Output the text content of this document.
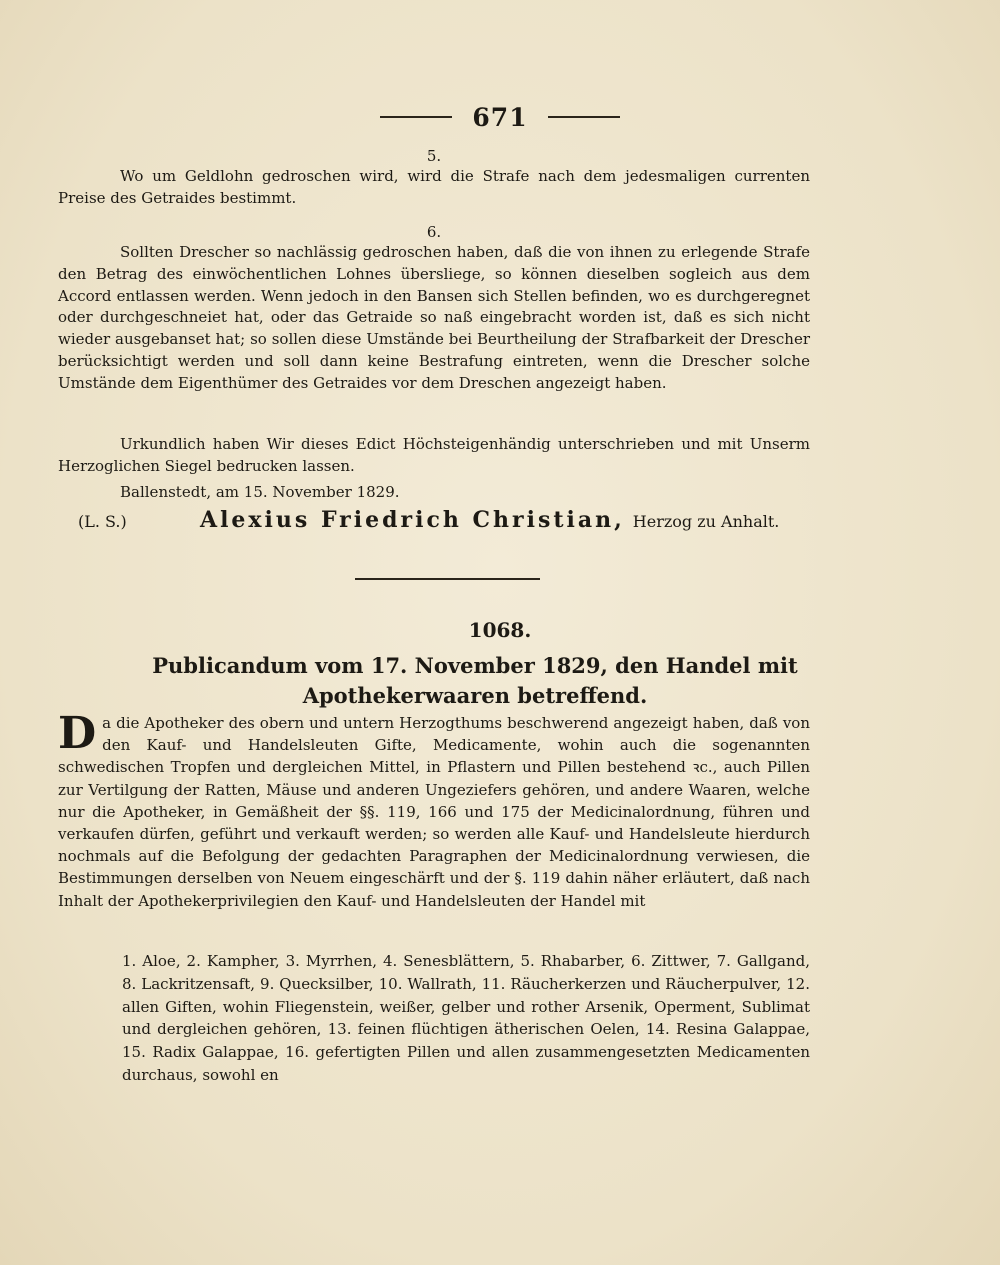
671

5.

Wo um Geldlohn gedroschen wird, wird die Strafe nach dem jedesmaligen currenten Preise des Getraides bestimmt.

6.

Sollten Drescher so nachlässig gedroschen haben, daß die von ihnen zu erlegende Strafe den Betrag des einwöchentlichen Lohnes übersliege, so können dieselben sogleich aus dem Accord entlassen werden. Wenn jedoch in den Bansen sich Stellen befinden, wo es durchgeregnet oder durchgeschneiet hat, oder das Getraide so naß eingebracht worden ist, daß es sich nicht wieder ausgebanset hat; so sollen diese Umstände bei Beurtheilung der Strafbarkeit der Drescher berücksichtigt werden und soll dann keine Bestrafung eintreten, wenn die Drescher solche Umstände dem Eigenthümer des Getraides vor dem Dreschen angezeigt haben.

Urkundlich haben Wir dieses Edict Höchsteigenhändig unterschrieben und mit Unserm Herzoglichen Siegel bedrucken lassen.

Ballenstedt, am 15. November 1829.

(L. S.)	Alexius Friedrich Christian, Herzog zu Anhalt.
1068.
Publicandum vom 17. November 1829, den Handel mit Apothekerwaaren betreffend.
Da die Apotheker des obern und untern Herzogthums beschwerend angezeigt haben, daß von den Kauf- und Handelsleuten Gifte, Medicamente, wohin auch die sogenannten schwedischen Tropfen und dergleichen Mittel, in Pflastern und Pillen bestehend ꝛc., auch Pillen zur Vertilgung der Ratten, Mäuse und anderen Ungeziefers gehören, und andere Waaren, welche nur die Apotheker, in Gemäßheit der §§. 119, 166 und 175 der Medicinalordnung, führen und verkaufen dürfen, geführt und verkauft werden; so werden alle Kauf- und Handelsleute hierdurch nochmals auf die Befolgung der gedachten Paragraphen der Medicinalordnung verwiesen, die Bestimmungen derselben von Neuem eingeschärft und der §. 119 dahin näher erläutert, daß nach Inhalt der Apothekerprivilegien den Kauf- und Handelsleuten der Handel mit
1. Aloe, 2. Kampher, 3. Myrrhen, 4. Senesblättern, 5. Rhabarber, 6. Zittwer, 7. Gallgand, 8. Lackritzensaft, 9. Quecksilber, 10. Wallrath, 11. Räucherkerzen und Räucherpulver, 12. allen Giften, wohin Fliegenstein, weißer, gelber und rother Arsenik, Operment, Sublimat und dergleichen gehören, 13. feinen flüchtigen ätherischen Oelen, 14. Resina Galappae, 15. Radix Galappae, 16. gefertigten Pillen und allen zusammengesetzten Medicamenten durchaus, sowohl en
